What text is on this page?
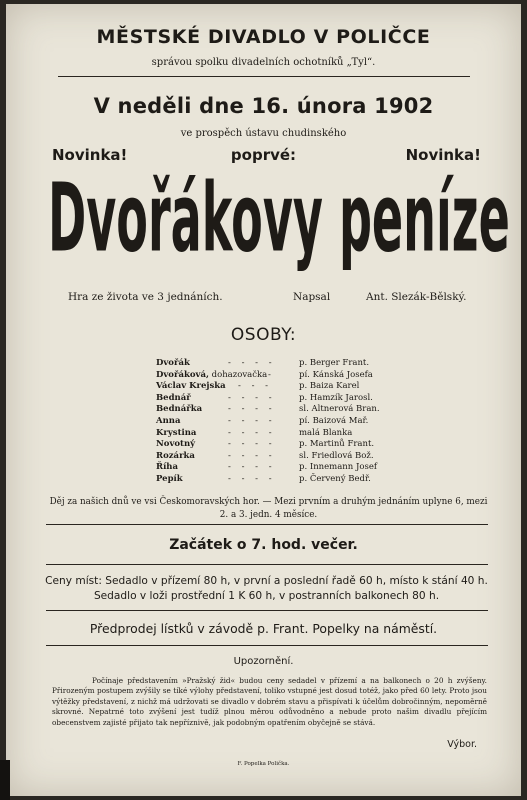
MĚSTSKÉ DIVADLO V POLIČCE
správou spolku divadelních ochotníků „Tyl“.
V neděli dne 16. února 1902
ve prospěch ústavu chudinského
Novinka!	poprvé:	Novinka!
Dvořákovy peníze
Hra ze života ve 3 jednáních.	Napsal	Ant. Slezák-Bělský.
OSOBY:
Dvořák	- - - -	p. Berger Frant.
Dvořáková, dohazovačka -	pí. Kánská Josefa
Václav Krejska - - -	p. Baiza Karel
Bednář	- - - -	p. Hamzík Jarosl.
Bednářka	- - - -	sl. Altnerová Bran.
Anna	- - - -	pí. Baizová Mař.
Krystina	- - - -	malá Blanka
Novotný	- - - -	p. Martinů Frant.
Rozárka	- - - -	sl. Friedlová Bož.
Říha	- - - -	p. Innemann Josef
Pepík	- - - -	p. Červený Bedř.
Děj za našich dnů ve vsi Českomoravských hor. — Mezi prvním a druhým jednáním uplyne 6, mezi 2. a 3. jedn. 4 měsíce.
Začátek o 7. hod. večer.
Ceny míst: Sedadlo v přízemí 80 h, v první a poslední řadě 60 h, místo k stání 40 h. Sedadlo v loži prostřední 1 K 60 h, v postranních balkonech 80 h.
Předprodej lístků v závodě p. Frant. Popelky na náměstí.
Upozornění.
Počínaje představením »Pražský žid« budou ceny sedadel v přízemí a na balkonech o 20 h zvýšeny. Přirozeným postupem zvýšily se tíké výlohy představení, toliko vstupné jest dosud totéž, jako před 60 lety. Proto jsou výtěžky představení, z nichž má udržovati se divadlo v dobrém stavu a přispívati k účelům dobročinným, nepoměrně skrovné. Nepatrné toto zvýšení jest tudíž plnou měrou odůvodněno a nebude proto našim divadlu přejícím obecenstvem zajisté přijato tak nepříznivě, jak podobným opatřením obyčejně se stává.
Výbor.
F. Popelka Polička.
